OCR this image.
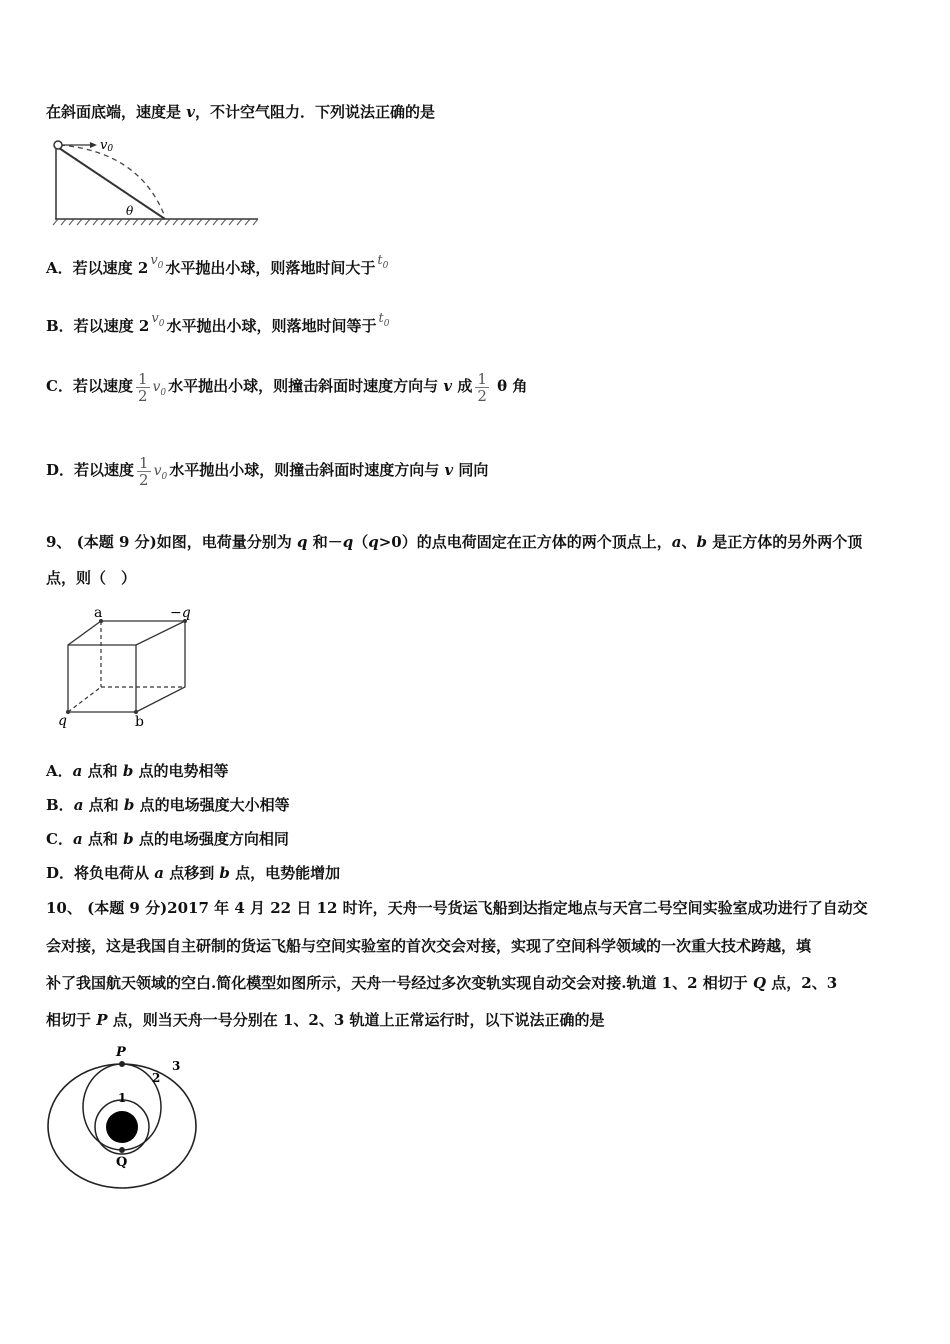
在斜面底端，速度是 v，不计空气阻力．下列说法正确的是
v0
θ
A．若以速度 2 $v_0$ 水平抛出小球，则落地时间大于 $t_0$
B．若以速度 2 $v_0$ 水平抛出小球，则落地时间等于 $t_0$
C．若以速度 $\frac{1}{2} v_0$ 水平抛出小球，则撞击斜面时速度方向与 v 成 $\frac{1}{2}$ θ 角
D．若以速度 $\frac{1}{2} v_0$ 水平抛出小球，则撞击斜面时速度方向与 v 同向
9、 (本题 9 分)如图，电荷量分别为 q 和－q（q>0）的点电荷固定在正方体的两个顶点上，a、b 是正方体的另外两个顶
点，则（　）
a	−q
q	b
A．a 点和 b 点的电势相等
B．a 点和 b 点的电场强度大小相等
C．a 点和 b 点的电场强度方向相同
D．将负电荷从 a 点移到 b 点，电势能增加
10、 (本题 9 分)2017 年 4 月 22 日 12 时许，天舟一号货运飞船到达指定地点与天宫二号空间实验室成功进行了自动交
会对接，这是我国自主研制的货运飞船与空间实验室的首次交会对接，实现了空间科学领域的一次重大技术跨越，填
补了我国航天领域的空白.简化模型如图所示，天舟一号经过多次变轨实现自动交会对接.轨道 1、2 相切于 Q 点，2、3
相切于 P 点，则当天舟一号分别在 1、2、3 轨道上正常运行时，以下说法正确的是
P
Q
1
2
3
